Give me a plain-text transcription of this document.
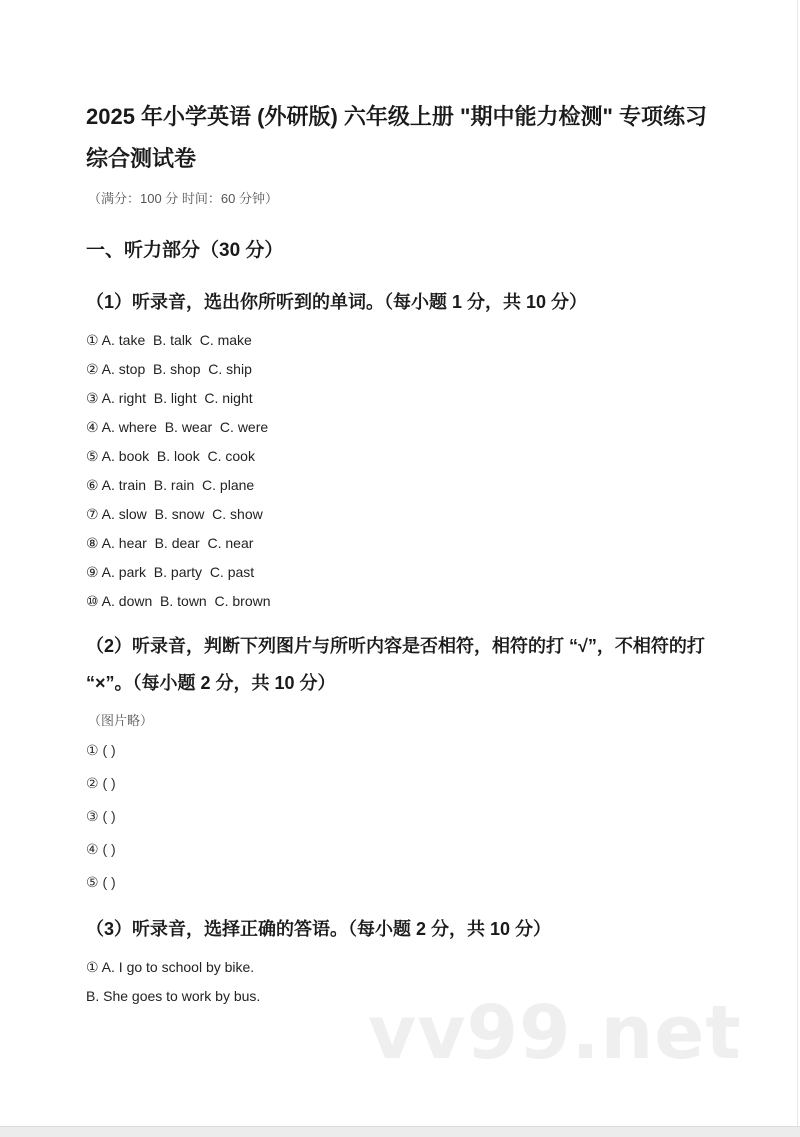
2025 年小学英语 (外研版) 六年级上册 "期中能力检测" 专项练习综合测试卷
（满分：100 分 时间：60 分钟）
一、听力部分（30 分）
（1）听录音，选出你所听到的单词。（每小题 1 分，共 10 分）
① A. take  B. talk  C. make
② A. stop  B. shop  C. ship
③ A. right  B. light  C. night
④ A. where  B. wear  C. were
⑤ A. book  B. look  C. cook
⑥ A. train  B. rain  C. plane
⑦ A. slow  B. snow  C. show
⑧ A. hear  B. dear  C. near
⑨ A. park  B. party  C. past
⑩ A. down  B. town  C. brown
（2）听录音，判断下列图片与所听内容是否相符，相符的打 “√”，不相符的打 “×”。（每小题 2 分，共 10 分）
（图片略）
① ( )
② ( )
③ ( )
④ ( )
⑤ ( )
（3）听录音，选择正确的答语。（每小题 2 分，共 10 分）
① A. I go to school by bike.
B. She goes to work by bus. vv99.net
